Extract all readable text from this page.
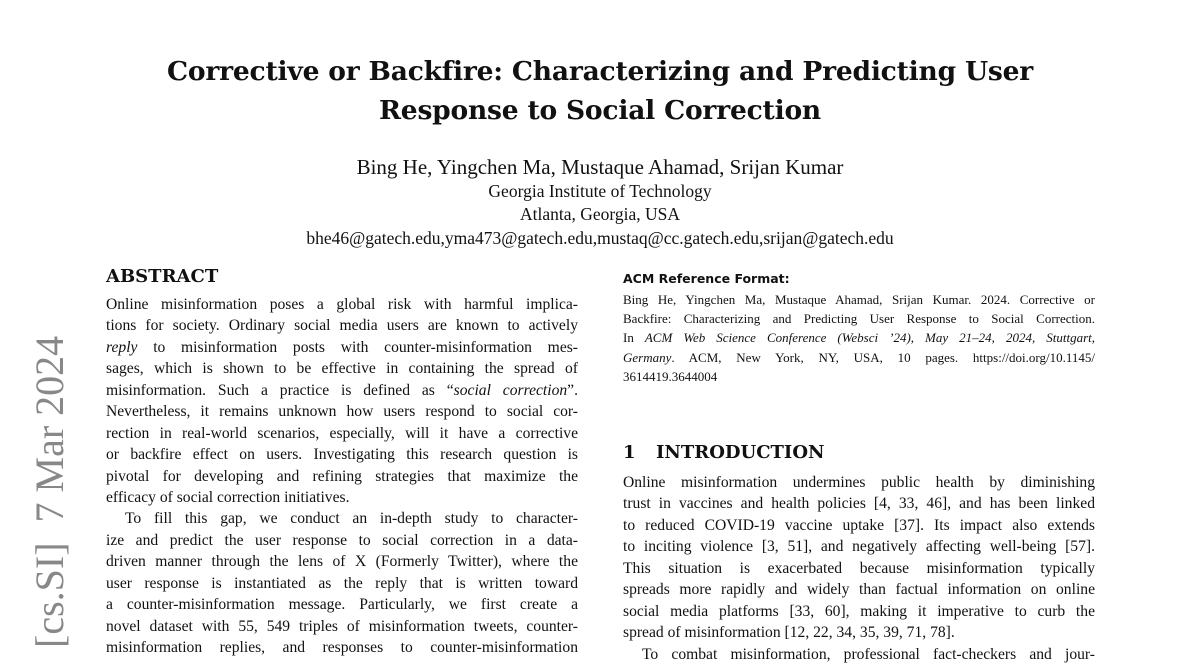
Corrective or Backfire: Characterizing and Predicting User
Response to Social Correction
Bing He, Yingchen Ma, Mustaque Ahamad, Srijan Kumar
Georgia Institute of Technology
Atlanta, Georgia, USA
bhe46@gatech.edu,yma473@gatech.edu,mustaq@cc.gatech.edu,srijan@gatech.edu
[cs.SI]  7 Mar 2024
ABSTRACT
Online misinformation poses a global risk with harmful implica-
tions for society. Ordinary social media users are known to actively
reply to misinformation posts with counter-misinformation mes-
sages, which is shown to be effective in containing the spread of
misinformation. Such a practice is defined as “social correction”.
Nevertheless, it remains unknown how users respond to social cor-
rection in real-world scenarios, especially, will it have a corrective
or backfire effect on users. Investigating this research question is
pivotal for developing and refining strategies that maximize the
efficacy of social correction initiatives.
To fill this gap, we conduct an in-depth study to character-
ize and predict the user response to social correction in a data-
driven manner through the lens of X (Formerly Twitter), where the
user response is instantiated as the reply that is written toward
a counter-misinformation message. Particularly, we first create a
novel dataset with 55, 549 triples of misinformation tweets, counter-
misinformation replies, and responses to counter-misinformation
ACM Reference Format:
Bing He, Yingchen Ma, Mustaque Ahamad, Srijan Kumar. 2024. Corrective or
Backfire: Characterizing and Predicting User Response to Social Correction.
In ACM Web Science Conference (Websci ’24), May 21–24, 2024, Stuttgart,
Germany. ACM, New York, NY, USA, 10 pages. https://doi.org/10.1145/
3614419.3644004
1 INTRODUCTION
Online misinformation undermines public health by diminishing
trust in vaccines and health policies [4, 33, 46], and has been linked
to reduced COVID-19 vaccine uptake [37]. Its impact also extends
to inciting violence [3, 51], and negatively affecting well-being [57].
This situation is exacerbated because misinformation typically
spreads more rapidly and widely than factual information on online
social media platforms [33, 60], making it imperative to curb the
spread of misinformation [12, 22, 34, 35, 39, 71, 78].
To combat misinformation, professional fact-checkers and jour-
